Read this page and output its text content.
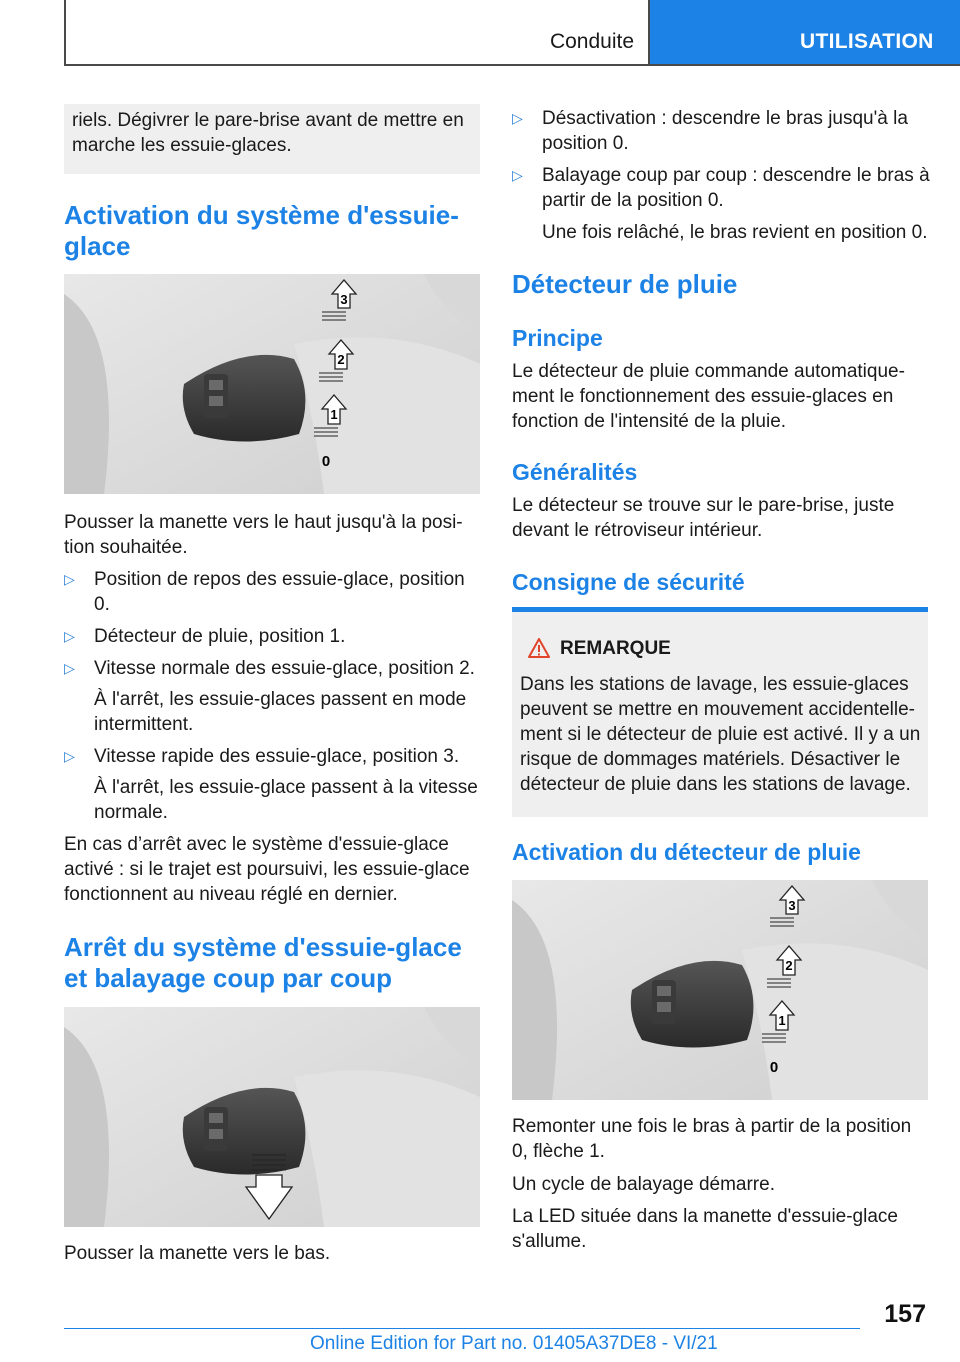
Conduite	UTILISATION
riels. Dégivrer le pare-brise avant de mettre en marche les essuie-glaces.
Activation du système d'essuie-
glace
3
2
1
0
Pousser la manette vers le haut jusqu'à la posi-
tion souhaitée.
▷ Position de repos des essuie-glace, position
0.
▷ Détecteur de pluie, position 1.
▷ Vitesse normale des essuie-glace, position 2.
À l'arrêt, les essuie-glaces passent en mode
intermittent.
▷ Vitesse rapide des essuie-glace, position 3.
À l'arrêt, les essuie-glace passent à la vitesse
normale.
En cas d’arrêt avec le système d'essuie-glace
activé : si le trajet est poursuivi, les essuie-glace
fonctionnent au niveau réglé en dernier.
Arrêt du système d'essuie-glace
et balayage coup par coup
Pousser la manette vers le bas.
▷ Désactivation : descendre le bras jusqu'à la
position 0.
▷ Balayage coup par coup : descendre le bras à
partir de la position 0.
Une fois relâché, le bras revient en position 0.
Détecteur de pluie
Principe
Le détecteur de pluie commande automatique-
ment le fonctionnement des essuie-glaces en
fonction de l'intensité de la pluie.
Généralités
Le détecteur se trouve sur le pare-brise, juste
devant le rétroviseur intérieur.
Consigne de sécurité
REMARQUE
Dans les stations de lavage, les essuie-glaces
peuvent se mettre en mouvement accidentelle-
ment si le détecteur de pluie est activé. Il y a un
risque de dommages matériels. Désactiver le
détecteur de pluie dans les stations de lavage.
Activation du détecteur de pluie
3
2
1
0
Remonter une fois le bras à partir de la position
0, flèche 1.
Un cycle de balayage démarre.
La LED située dans la manette d'essuie-glace
s'allume.
157
Online Edition for Part no. 01405A37DE8 - VI/21
